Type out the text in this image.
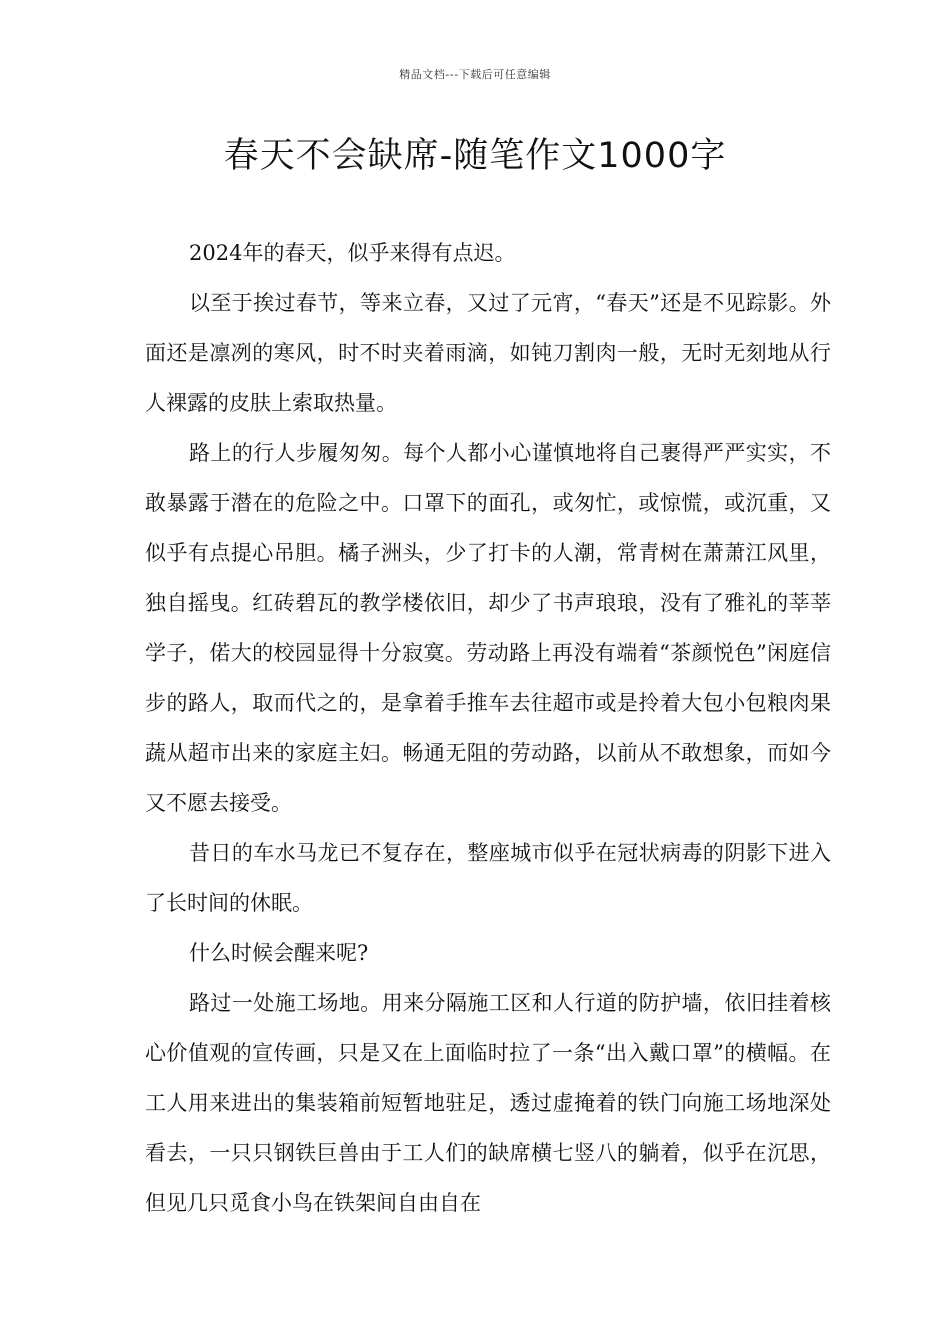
精品文档---下载后可任意编辑
春天不会缺席-随笔作文1000字

2024年的春天，似乎来得有点迟。

以至于挨过春节，等来立春，又过了元宵，“春天”还是不见踪影。外面还是凛冽的寒风，时不时夹着雨滴，如钝刀割肉一般，无时无刻地从行人裸露的皮肤上索取热量。

路上的行人步履匆匆。每个人都小心谨慎地将自己裹得严严实实，不敢暴露于潜在的危险之中。口罩下的面孔，或匆忙，或惊慌，或沉重，又似乎有点提心吊胆。橘子洲头，少了打卡的人潮，常青树在萧萧江风里，独自摇曳。红砖碧瓦的教学楼依旧，却少了书声琅琅，没有了雅礼的莘莘学子，偌大的校园显得十分寂寞。劳动路上再没有端着“茶颜悦色”闲庭信步的路人，取而代之的，是拿着手推车去往超市或是拎着大包小包粮肉果蔬从超市出来的家庭主妇。畅通无阻的劳动路，以前从不敢想象，而如今又不愿去接受。

昔日的车水马龙已不复存在，整座城市似乎在冠状病毒的阴影下进入了长时间的休眠。

什么时候会醒来呢?

路过一处施工场地。用来分隔施工区和人行道的防护墙，依旧挂着核心价值观的宣传画，只是又在上面临时拉了一条“出入戴口罩”的横幅。在工人用来进出的集装箱前短暂地驻足，透过虚掩着的铁门向施工场地深处看去，一只只钢铁巨兽由于工人们的缺席横七竖八的躺着，似乎在沉思，但见几只觅食小鸟在铁架间自由自在
